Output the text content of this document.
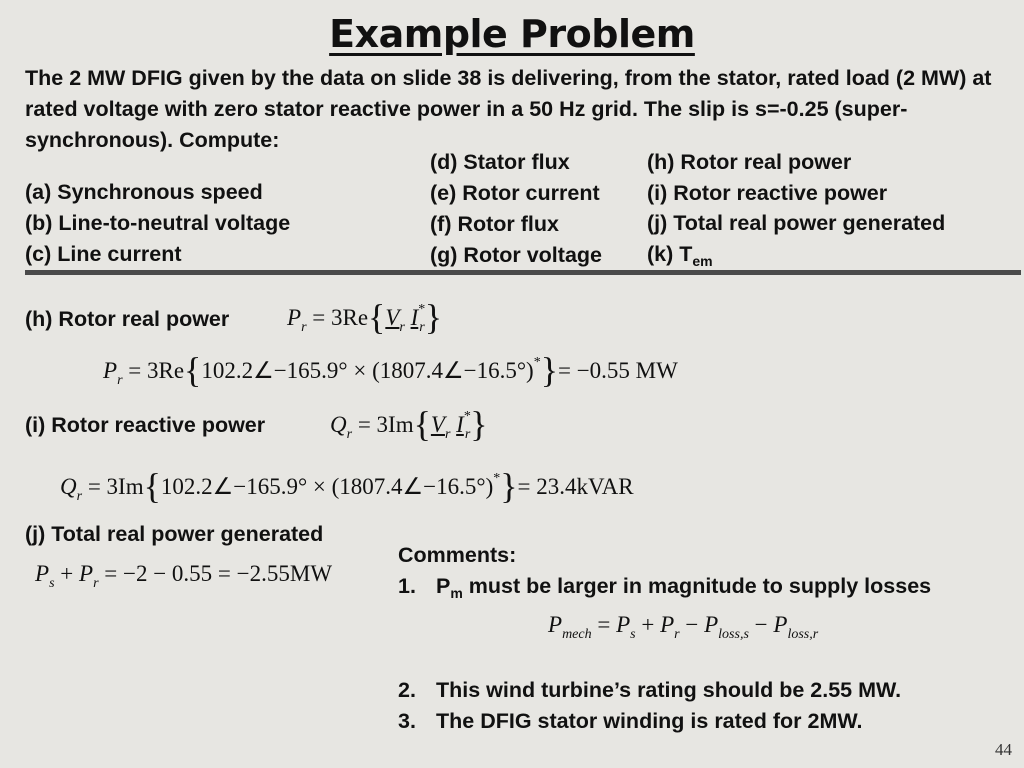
Example Problem
The 2 MW DFIG given by the data on slide 38 is delivering, from the stator, rated load (2 MW) at rated voltage with zero stator reactive power in a 50 Hz grid. The slip is s=-0.25 (super-synchronous). Compute:
(a) Synchronous speed
(b) Line-to-neutral voltage
(c) Line current
(d) Stator flux
(e) Rotor current
(f) Rotor flux
(g) Rotor voltage
(h) Rotor real power
(i) Rotor reactive power
(j) Total real power generated
(k) $T_{em}$
(h) Rotor real power	$P_r = 3Re\{V_r$ $I^*_r$}
$P_r$ = 3Re{102.2∠−165.9° × (1807.4∠−16.5°)*}= −0.55 MW
(i) Rotor reactive power	$Q_r = 3Im\{V_r$ $I^*_r$}
$Q_r$ = 3Im{102.2∠−165.9° × (1807.4∠−16.5°)*}= 23.4kVAR
(j) Total real power generated
$P_s + P_r = -2 - 0.55 = -2.55MW$
Comments:
1. $P_m$ must be larger in magnitude to supply losses
$P_{mech} = P_s + P_r - P_{loss,s} - P_{loss,r}$
2. This wind turbine’s rating should be 2.55 MW.
3. The DFIG stator winding is rated for 2MW.
44
